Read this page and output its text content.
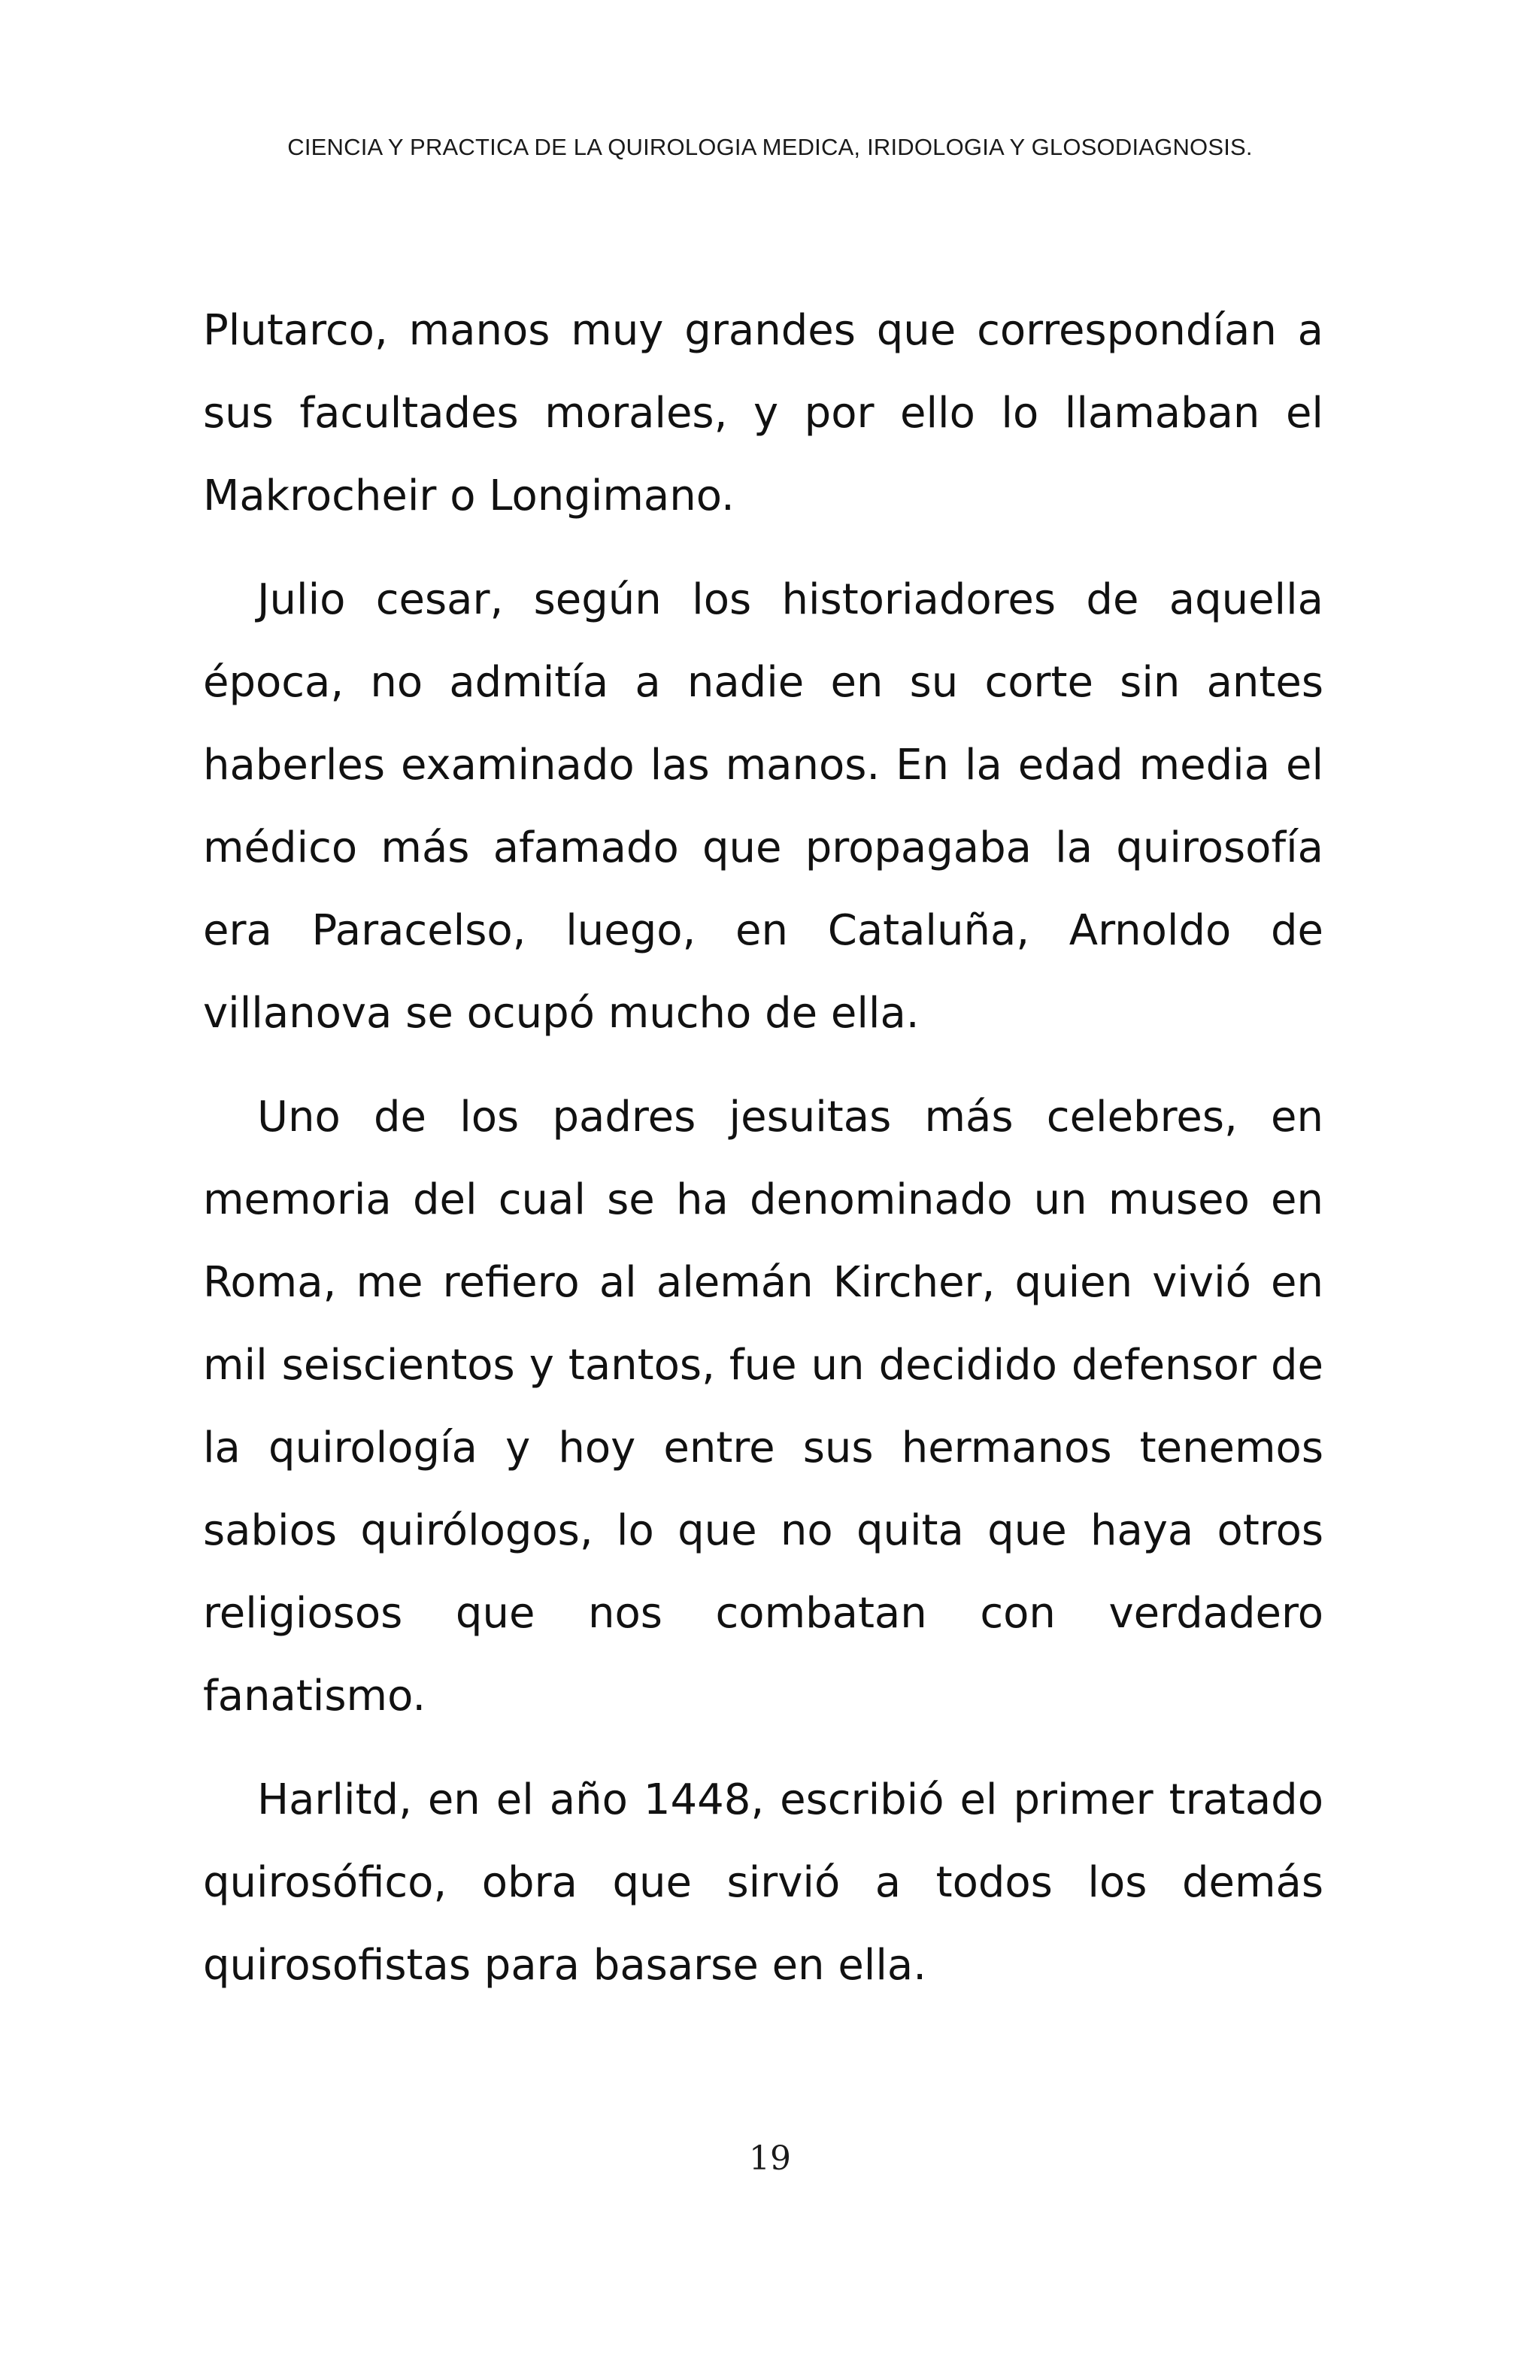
CIENCIA Y PRACTICA DE LA QUIROLOGIA MEDICA, IRIDOLOGIA Y GLOSODIAGNOSIS.

Plutarco, manos muy grandes que correspondían a sus facultades morales, y por ello lo llamaban el Makrocheir o Longimano.

Julio cesar, según los historiadores de aquella época, no admitía a nadie en su corte sin antes haberles examinado las manos. En la edad media el médico más afamado que propagaba la quirosofía era Paracelso, luego, en Cataluña, Arnoldo de villanova se ocupó mucho de ella.

Uno de los padres jesuitas más celebres, en memoria del cual se ha denominado un museo en Roma, me refiero al alemán Kircher, quien vivió en mil seiscientos y tantos, fue un decidido defensor de la quirología y hoy entre sus hermanos tenemos sabios quirólogos, lo que no quita que haya otros religiosos que nos combatan con verdadero fanatismo.

Harlitd, en el año 1448, escribió el primer tratado quirosófico, obra que sirvió a todos los demás quirosofistas para basarse en ella.

19
